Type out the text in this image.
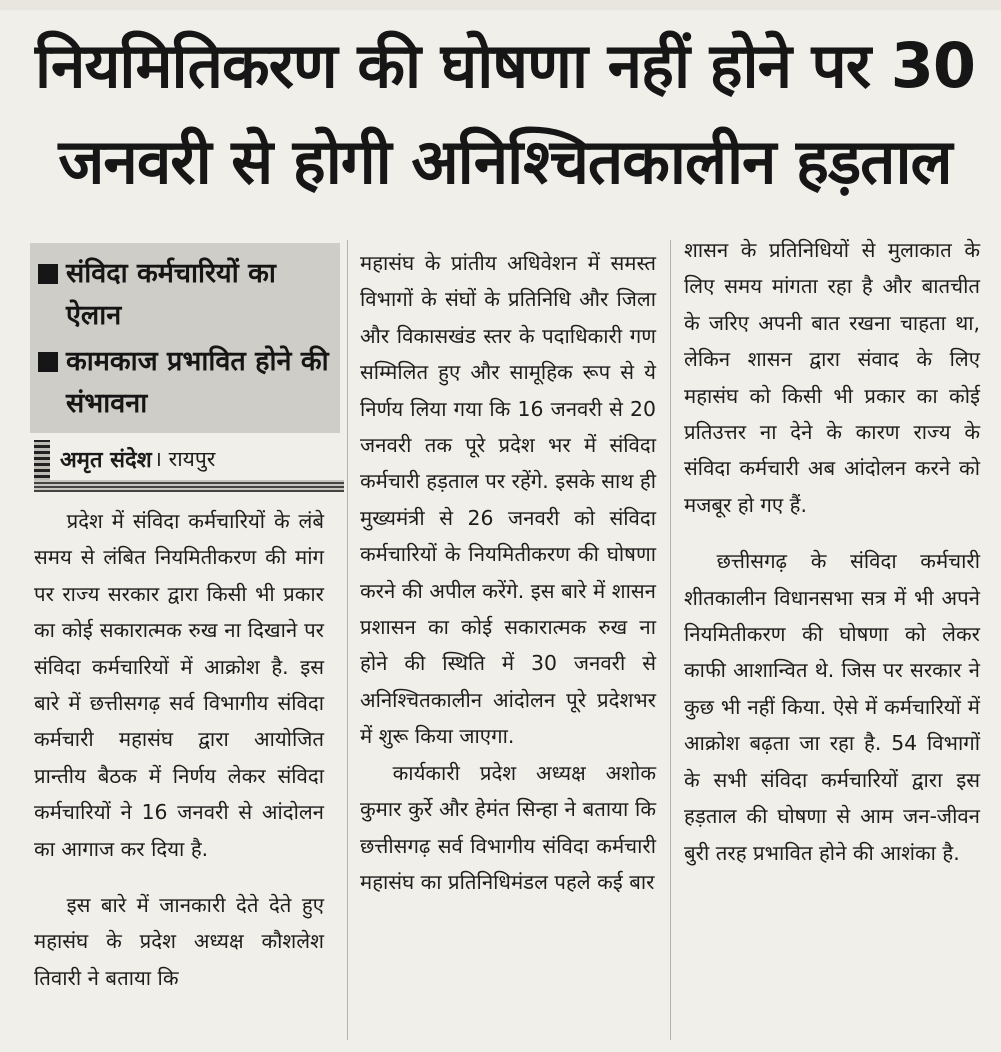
नियमितिकरण की घोषणा नहीं होने पर 30 जनवरी से होगी अनिश्चितकालीन हड़ताल
संविदा कर्मचारियों का ऐलान
कामकाज प्रभावित होने की संभावना
अमृत संदेश । रायपुर

प्रदेश में संविदा कर्मचारियों के लंबे समय से लंबित नियमितीकरण की मांग पर राज्य सरकार द्वारा किसी भी प्रकार का कोई सकारात्मक रुख ना दिखाने पर संविदा कर्मचारियों में आक्रोश है. इस बारे में छत्तीसगढ़ सर्व विभागीय संविदा कर्मचारी महासंघ द्वारा आयोजित प्रान्तीय बैठक में निर्णय लेकर संविदा कर्मचारियों ने 16 जनवरी से आंदोलन का आगाज कर दिया है.

इस बारे में जानकारी देते देते हुए महासंघ के प्रदेश अध्यक्ष कौशलेश तिवारी ने बताया कि

महासंघ के प्रांतीय अधिवेशन में समस्त विभागों के संघों के प्रतिनिधि और जिला और विकासखंड स्तर के पदाधिकारी गण सम्मिलित हुए और सामूहिक रूप से ये निर्णय लिया गया कि 16 जनवरी से 20 जनवरी तक पूरे प्रदेश भर में संविदा कर्मचारी हड़ताल पर रहेंगे. इसके साथ ही मुख्यमंत्री से 26 जनवरी को संविदा कर्मचारियों के नियमितीकरण की घोषणा करने की अपील करेंगे. इस बारे में शासन प्रशासन का कोई सकारात्मक रुख ना होने की स्थिति में 30 जनवरी से अनिश्चितकालीन आंदोलन पूरे प्रदेशभर में शुरू किया जाएगा.

कार्यकारी प्रदेश अध्यक्ष अशोक कुमार कुर्रे और हेमंत सिन्हा ने बताया कि छत्तीसगढ़ सर्व विभागीय संविदा कर्मचारी महासंघ का प्रतिनिधिमंडल पहले कई बार

शासन के प्रतिनिधियों से मुलाकात के लिए समय मांगता रहा है और बातचीत के जरिए अपनी बात रखना चाहता था, लेकिन शासन द्वारा संवाद के लिए महासंघ को किसी भी प्रकार का कोई प्रतिउत्तर ना देने के कारण राज्य के संविदा कर्मचारी अब आंदोलन करने को मजबूर हो गए हैं.

छत्तीसगढ़ के संविदा कर्मचारी शीतकालीन विधानसभा सत्र में भी अपने नियमितीकरण की घोषणा को लेकर काफी आशान्वित थे. जिस पर सरकार ने कुछ भी नहीं किया. ऐसे में कर्मचारियों में आक्रोश बढ़ता जा रहा है. 54 विभागों के सभी संविदा कर्मचारियों द्वारा इस हड़ताल की घोषणा से आम जन-जीवन बुरी तरह प्रभावित होने की आशंका है.
